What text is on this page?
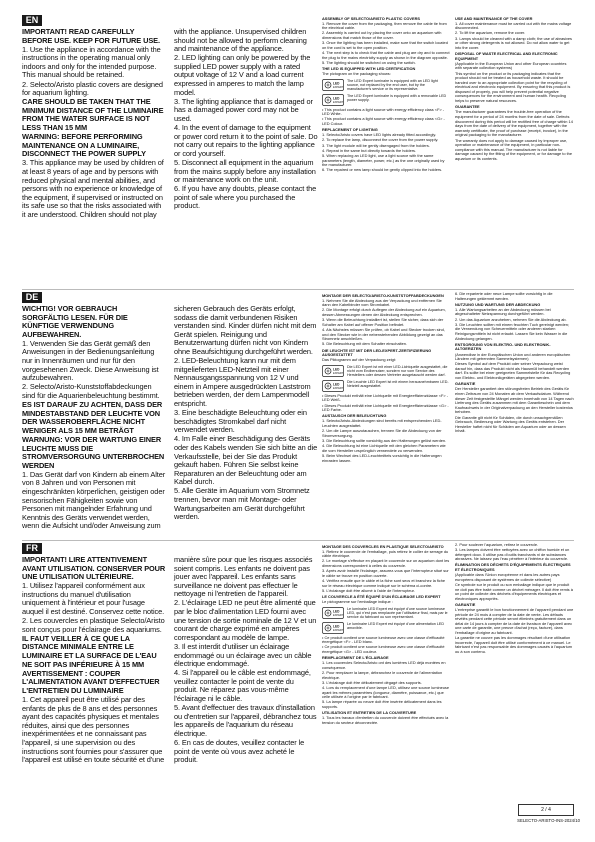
EN

IMPORTANT! READ CAREFULLY BEFORE USE. KEEP FOR FUTURE USE.

1. Use the appliance in accordance with the instructions in the operating manual only indoors and only for the intended purpose. This manual should be retained.

2. Selecto/Aristo plastic covers are designed for aquarium lighting.

CARE SHOULD BE TAKEN THAT THE MINIMUM DISTANCE OF THE LUMINAIRE FROM THE WATER SURFACE IS NOT LESS THAN 15 MM

WARNING: BEFORE PERFORMING MAINTENANCE ON A LUMINAIRE, DISCONNECT THE POWER SUPPLY

3. This appliance may be used by children of at least 8 years of age and by persons with reduced physical and mental abilities, and persons with no experience or knowledge of the equipment, if supervised or instructed on its safe use so that the risks associated with it are understood. Children should not play with the appliance. Unsupervised children should not be allowed to perform cleaning and maintenance of the appliance.

2. LED lighting can only be powered by the supplied LED power supply with a rated output voltage of 12 V and a load current expressed in amperes to match the lamp model.

3. The lighting appliance that is damaged or has a damaged power cord may not be used.

4. In the event of damage to the equipment or power cord return it to the point of sale. Do not carry out repairs to the lighting appliance or cord yourself.

5. Disconnect all equipment in the aquarium from the mains supply before any installation or maintenance work on the unit.

6. If you have any doubts, please contact the point of sale where you purchased the product.

ASSEMBLY OF SELECTO/ARISTO PLASTIC COVERS

1. Remove the cover from the packaging, then remove the cable tie from the electrical cable.

2. Assembly is carried out by placing the cover onto an aquarium with dimensions that match those of the cover.

3. Once the lighting has been installed, make sure that the switch located on the cord is set to the open position.

4. The next step is to check that the cable and plug are dry and to connect the plug to the mains electricity supply as shown in the diagram opposite.

5. The lighting should be switched on using the switch.

THE LED IS EQUIPPED WITH LED CERTIFICATION

The pictogram on the packaging shows:

The LED Expert luminaire is equipped with an LED light source, not replaced by the end user, but by the manufacturer's service or its representative.
The LED Expert luminaire is equipped with a removable LED power supply.

• This product contains a light source with energy efficiency class <F> - LED White.

• This product contains a light source with energy efficiency class <G> - LED Colour.

REPLACEMENT OF LIGHTING

1. Selecto/Aristo covers have LED lights already fitted accordingly.

2. To replace the lamp, disconnect the cover from the power supply.

3. The light module will be gently disengaged from the holders.

4. Repeat in the same but directly towards the holders.

5. When replacing an LED light, use a light source with the same parameters (length, diameter, power, etc.) as the one originally used by the manufacturer.

6. The repaired or new lamp should be gently clipped into the holders.

USE AND MAINTENANCE OF THE COVER

1. All cover maintenance must be carried out with the mains voltage disconnected.

2. To lift the aquarium, remove the cover.

3. Lamps should be cleaned with a damp cloth; the use of abrasives or other strong detergents is not allowed. Do not allow water to get into the cover.

DISPOSAL OF WASTE ELECTRICAL AND ELECTRONIC EQUIPMENT

(Applicable in the European Union and other European countries with separate collection systems)

This symbol on the product or its packaging indicates that the product should not be treated as household waste. It should be handed over to an appropriate collection point for the recycling of electrical and electronic equipment. By ensuring that this product is disposed of properly, you will help prevent potential negative consequences for the environment and human health. Recycling helps to preserve natural resources.

GUARANTEE

The manufacturer guarantees the trouble-free operation of the equipment for a period of 24 months from the date of sale. Defects discovered during this period will be rectified free of charge within 14 days from the date of delivery of the equipment, together with the warranty certificate, the proof of purchase (receipt, invoice), in the original packaging to the manufacturer.

The warranty does not apply to damage caused by improper use, operation or maintenance of the equipment, in particular non-compliance with this manual. The manufacturer is not liable for damage caused by the fitting of the equipment, or for damage to the aquarium or its contents.

DE

WICHTIG! VOR GEBRAUCH SORGFÄLTIG LESEN. FÜR DIE KÜNFTIGE VERWENDUNG AUFBEWAHREN.

1. Verwenden Sie das Gerät gemäß den Anweisungen in der Bedienungsanleitung nur in Innenräumen und nur für den vorgesehenen Zweck. Diese Anweisung ist aufzubewahren.

2. Selecto/Aristo-Kunststoffabdeckungen sind für die Aquarienbeleuchtung bestimmt.

ES IST DARAUF ZU ACHTEN, DASS DER MINDESTABSTAND DER LEUCHTE VON DER WASSEROBERFLÄCHE NICHT WENIGER ALS 15 MM BETRÄGT

WARNUNG: VOR DER WARTUNG EINER LEUCHTE MUSS DIE STROMVERSORGUNG UNTERBROCHEN WERDEN

1. Das Gerät darf von Kindern ab einem Alter von 8 Jahren und von Personen mit eingeschränkten körperlichen, geistigen oder sensorischen Fähigkeiten sowie von Personen mit mangelnder Erfahrung und Kenntnis des Geräts verwendet werden, wenn die Aufsicht und/oder Anweisung zum sicheren Gebrauch des Geräts erfolgt, sodass die damit verbundenen Risiken verstanden sind. Kinder dürfen nicht mit dem Gerät spielen. Reinigung und Benutzerwartung dürfen nicht von Kindern ohne Beaufsichtigung durchgeführt werden.

2. LED-Beleuchtung kann nur mit dem mitgelieferten LED-Netzteil mit einer Nennausgangsspannung von 12 V und einem in Ampere ausgedrückten Laststrom betrieben werden, der dem Lampenmodell entspricht.

3. Eine beschädigte Beleuchtung oder ein beschädigtes Stromkabel darf nicht verwendet werden.

4. Im Falle einer Beschädigung des Geräts oder des Kabels wenden Sie sich bitte an die Verkaufsstelle, bei der Sie das Produkt gekauft haben. Führen Sie selbst keine Reparaturen an der Beleuchtung oder am Kabel durch.

5. Alle Geräte im Aquarium vom Stromnetz trennen, bevor man mit Montage- oder Wartungsarbeiten am Gerät durchgeführt werden.

MONTAGE DER SELECTO/ARISTO-KUNSTSTOFFABDECKUNGEN

1. Nehmen Sie die Abdeckung aus der Verpackung und entfernen Sie dann den Kabelbinder vom Stromkabel.

2. Die Montage erfolgt durch Auflegen der Abdeckung auf ein Aquarium, dessen Abmessungen denen der Abdeckung entsprechen.

3. Wenn die Beleuchtung installiert ist, stellen Sie sicher, dass sich der Schalter am Kabel auf offener Position befindet.

4. Als Nächstes müssen Sie prüfen, ob Kabel und Stecker trocken sind, und den Stecker wie in der nebenstehenden Abbildung gezeigt an das Stromnetz anschließen.

5. Die Beleuchtung mit dem Schalter einschalten.

DIE LEUCHTE IST MIT DER LED-EXPERT-ZERTIFIZIERUNG AUSGESTATTET

Das Piktogramm auf der Verpackung zeigt:

Die LED Expert ist mit einer LED-Lichtquelle ausgestattet, die nicht vom Endbenutzer, sondern nur vom Service des Herstellers oder dessen Vertreter ausgetauscht werden darf.
Die Leuchte LED Expert ist mit einem herausnehmbaren LED-Netzteil ausgestattet.

• Dieses Produkt enthält eine Lichtquelle mit Energieeffizienzklasse <F> - LED Weiß.

• Dieses Produkt enthält eine Lichtquelle mit Energieeffizienzklasse <G> - LED Farbe.

AUSTAUSCH DER BELEUCHTUNG

1. Selecto/Aristo-Abdeckungen sind bereits mit entsprechenden LED-Leuchten ausgestattet.

2. Um die Lampe auszutauschen, trennen Sie die Abdeckung von der Stromversorgung.

3. Die Beleuchtung sollte vorsichtig aus den Halterungen gelöst werden.

4. Die Beleuchtung ist eine Lichtquelle mit den gleichen Parametern wie die vom Hersteller ursprünglich verwendete zu verwenden.

5. Beim Wechsel des LED-Leuchtmittels vorsichtig in die Halterungen einrasten lassen.

6. Die reparierte oder neue Lampe sollte vorsichtig in die Halterungen geklemmt werden.

NUTZUNG UND WARTUNG DER ABDECKUNG

1. Alle Wartungsarbeiten an der Abdeckung müssen bei abgeschalteter Netzspannung durchgeführt werden.

2. Um das Aquarium anzuheben, nehmen Sie die Abdeckung ab.

3. Die Leuchten sollten mit einem feuchten Tuch gereinigt werden; die Verwendung von Scheuermitteln oder anderen starken Reinigungsmitteln ist nicht erlaubt. Lassen Sie kein Wasser in die Abdeckung gelangen.

ENTSORGUNG VON ELEKTRO- UND ELEKTRONIK-ALTGERÄTEN

(Anwendbar in der Europäischen Union und anderen europäischen Ländern mit getrennten Sammelsystemen)

Dieses Symbol auf dem Produkt oder seiner Verpackung weist darauf hin, dass das Produkt nicht als Hausmüll behandelt werden darf. Es sollte bei einer geeigneten Sammelstelle für das Recycling von Elektro- und Elektronikgeräten abgegeben werden.

GARANTIE

Der Hersteller garantiert den störungsfreien Betrieb des Geräts für einen Zeitraum von 24 Monaten ab dem Verkaufsdatum. Während dieser Zeit festgestellte Mängel werden innerhalb von 14 Tagen nach Lieferung des Geräts zusammen mit dem Garantieschein und dem Kaufnachweis in der Originalverpackung an den Hersteller kostenlos behoben.

Die Garantie gilt nicht für Schäden, die durch unsachgemäßen Gebrauch, Bedienung oder Wartung des Geräts entstehen. Der Hersteller haftet nicht für Schäden am Aquarium oder an dessen Inhalt.

FR

IMPORTANT! LIRE ATTENTIVEMENT AVANT UTILISATION. CONSERVER POUR UNE UTILISATION ULTÉRIEURE.

1. Utilisez l'appareil conformément aux instructions du manuel d'utilisation uniquement à l'intérieur et pour l'usage auquel il est destiné. Conservez cette notice.

2. Les couvercles en plastique Selecto/Aristo sont conçus pour l'éclairage des aquariums.

IL FAUT VEILLER À CE QUE LA DISTANCE MINIMALE ENTRE LE LUMINAIRE ET LA SURFACE DE L'EAU NE SOIT PAS INFÉRIEURE À 15 MM

AVERTISSEMENT : COUPER L'ALIMENTATION AVANT D'EFFECTUER L'ENTRETIEN DU LUMINAIRE

1. Cet appareil peut être utilisé par des enfants de plus de 8 ans et des personnes ayant des capacités physiques et mentales réduites, ainsi que des personnes inexpérimentées et ne connaissant pas l'appareil, si une supervision ou des instructions sont fournies pour s'assurer que l'appareil est utilisé en toute sécurité et d'une manière sûre pour que les risques associés soient compris. Les enfants ne doivent pas jouer avec l'appareil. Les enfants sans surveillance ne doivent pas effectuer le nettoyage ni l'entretien de l'appareil.

2. L'éclairage LED ne peut être alimenté que par le bloc d'alimentation LED fourni avec une tension de sortie nominale de 12 V et un courant de charge exprimé en ampères correspondant au modèle de lampe.

3. Il est interdit d'utiliser un éclairage endommagé ou un éclairage avec un câble électrique endommagé.

4. Si l'appareil ou le câble est endommagé, veuillez contacter le point de vente du produit. Ne réparez pas vous-même l'éclairage ni le câble.

5. Avant d'effectuer des travaux d'installation ou d'entretien sur l'appareil, débranchez tous les appareils de l'aquarium du réseau électrique.

6. En cas de doutes, veuillez contacter le point de vente où vous avez acheté le produit.

MONTAGE DES COUVERCLES EN PLASTIQUE SELECTO/ARISTO

1. Retirez le couvercle de l'emballage, puis retirez le collier de serrage du câble électrique.

2. Le montage s'effectue en plaçant le couvercle sur un aquarium dont les dimensions correspondent à celles du couvercle.

3. Après avoir installé l'éclairage, assurez-vous que l'interrupteur situé sur le câble se trouve en position ouverte.

4. Vérifiez ensuite que le câble et la fiche sont secs et branchez la fiche sur le réseau électrique comme indiqué sur le schéma ci-contre.

5. L'éclairage doit être allumé à l'aide de l'interrupteur.

LE COUVERCLE A ÉTÉ ÉQUIPÉ D'UN ÉCLAIRAGE LED EXPERT

Le pictogramme sur l'emballage indique :

Le luminaire LED Expert est équipé d'une source lumineuse LED, qui n'est pas remplacée par l'utilisateur final, mais par le service du fabricant ou son représentant.
Le luminaire LED Expert est équipé d'une alimentation LED amovible.

• Ce produit contient une source lumineuse avec une classe d'efficacité énergétique <F> - LED blanc.

• Ce produit contient une source lumineuse avec une classe d'efficacité énergétique <G> - LED couleur.

REMPLACEMENT DE L'ÉCLAIRAGE

1. Les couvercles Selecto/Aristo ont des lumières LED déjà montées en conséquence.

2. Pour remplacer la lampe, débranchez le couvercle de l'alimentation électrique.

3. L'éclairage doit être délicatement dégagé des supports.

4. Lors du remplacement d'une lampe LED, utilisez une source lumineuse ayant les mêmes paramètres (longueur, diamètre, puissance, etc.) que celle utilisée à l'origine par le fabricant.

5. La lampe réparée ou neuve doit être insérée délicatement dans les supports.

UTILISATION ET ENTRETIEN DE LA COUVERTURE

1. Tous les travaux d'entretien du couvercle doivent être effectués avec la tension du secteur déconnectée.

2. Pour soulever l'aquarium, retirez le couvercle.

3. Les lampes doivent être nettoyées avec un chiffon humide et un détergent doux. Il utilise pas d'outils tranchants ni de substances abrasives. Ne laissez pas l'eau pénétrer à l'intérieur du couvercle.

ÉLIMINATION DES DÉCHETS D'ÉQUIPEMENTS ÉLECTRIQUES ET ÉLECTRONIQUES

(Applicable dans l'Union européenne et dans les autres pays européens disposant de systèmes de collecte sélective)

Ce symbole sur le produit ou son emballage indique que le produit ne doit pas être traité comme un déchet ménager. Il doit être remis à un point de collecte des déchets d'équipements électriques et électroniques appropriés.

GARANTIE

L'entreprise garantit le bon fonctionnement de l'appareil pendant une période de 24 mois à compter de la date de vente. Les défauts révélés pendant cette période seront éliminés gratuitement dans un délai de 14 jours à compter de la date de livraison de l'appareil avec une carte de garantie, une preuve d'achat (reçu, facture), dans l'emballage d'origine au fabricant.

La garantie ne couvre pas les dommages résultant d'une utilisation incorrecte, l'appareil doit être utilisé conformément à ce manuel. Le fabricant n'est pas responsable des dommages causés à l'aquarium ou à son contenu.

2 / 4
SELECTO-ARISTO-INS-2024/10
